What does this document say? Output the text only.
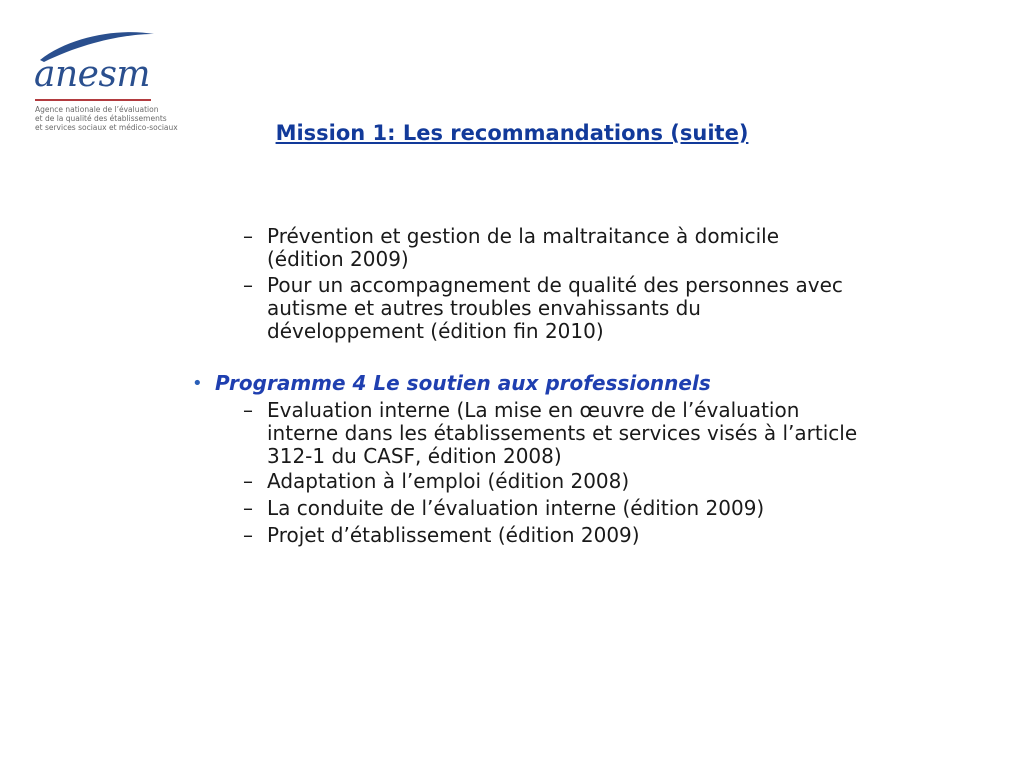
anesm
Agence nationale de l’évaluation
et de la qualité des établissements
et services sociaux et médico-sociaux	Mission 1: Les recommandations (suite)
– Prévention et gestion de la maltraitance à domicile
(édition 2009)
– Pour un accompagnement de qualité des personnes avec
autisme et autres troubles envahissants du
développement (édition fin 2010)
• Programme 4 Le soutien aux professionnels
– Evaluation interne (La mise en œuvre de l’évaluation
interne dans les établissements et services visés à l’article
312-1 du CASF, édition 2008)
– Adaptation à l’emploi (édition 2008)
– La conduite de l’évaluation interne (édition 2009)
– Projet d’établissement (édition 2009)
